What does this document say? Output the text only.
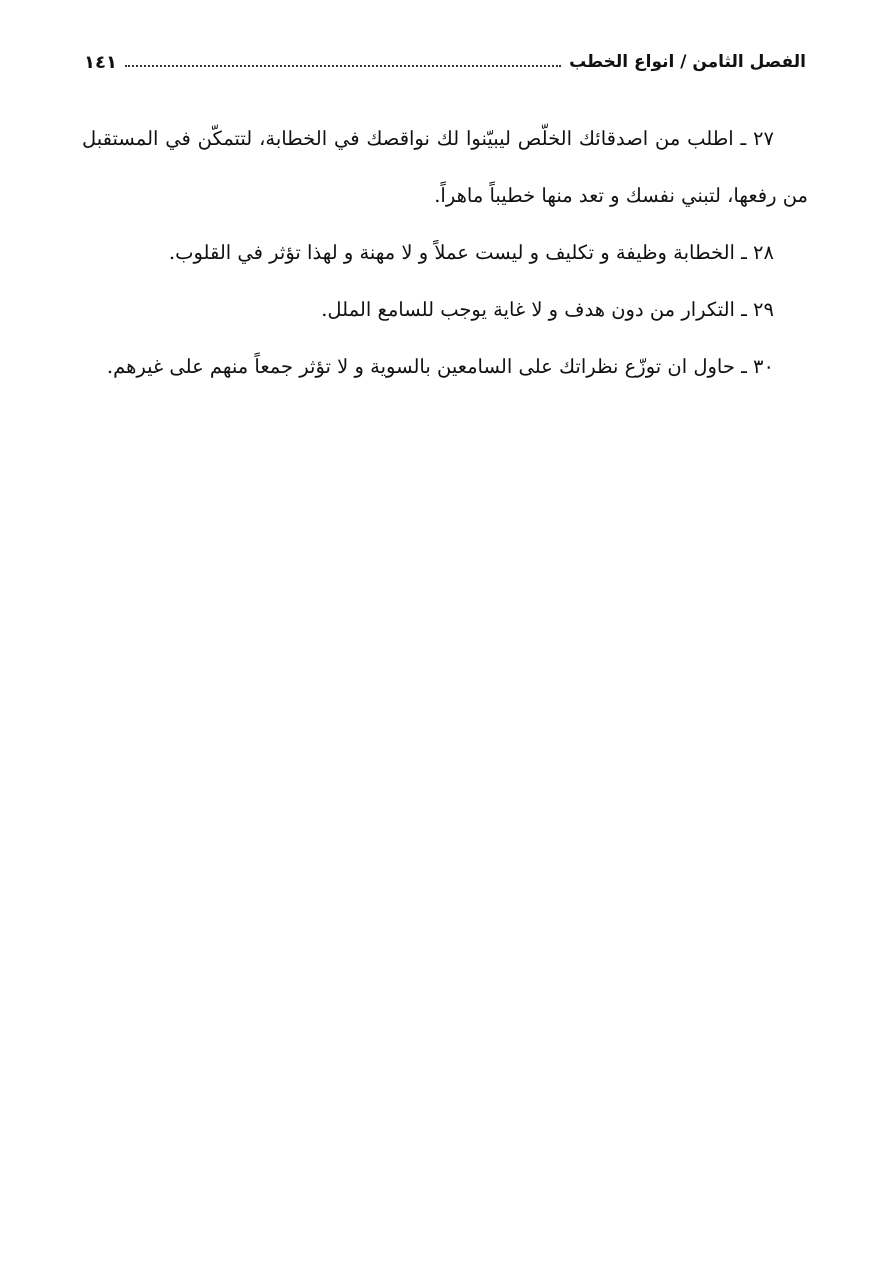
الفصل الثامن / انواع الخطب
١٤١

٢٧ ـ اطلب من اصدقائك الخلّص ليبيّنوا لك نواقصك في الخطابة، لتتمكّن في المستقبل من رفعها، لتبني نفسك و تعد منها خطيباً ماهراً.

٢٨ ـ الخطابة وظيفة و تكليف و ليست عملاً و لا مهنة و لهذا تؤثر في القلوب.

٢٩ ـ التكرار من دون هدف و لا غاية يوجب للسامع الملل.

٣٠ ـ حاول ان توزّع نظراتك على السامعين بالسوية و لا تؤثر جمعاً منهم على غيرهم.
